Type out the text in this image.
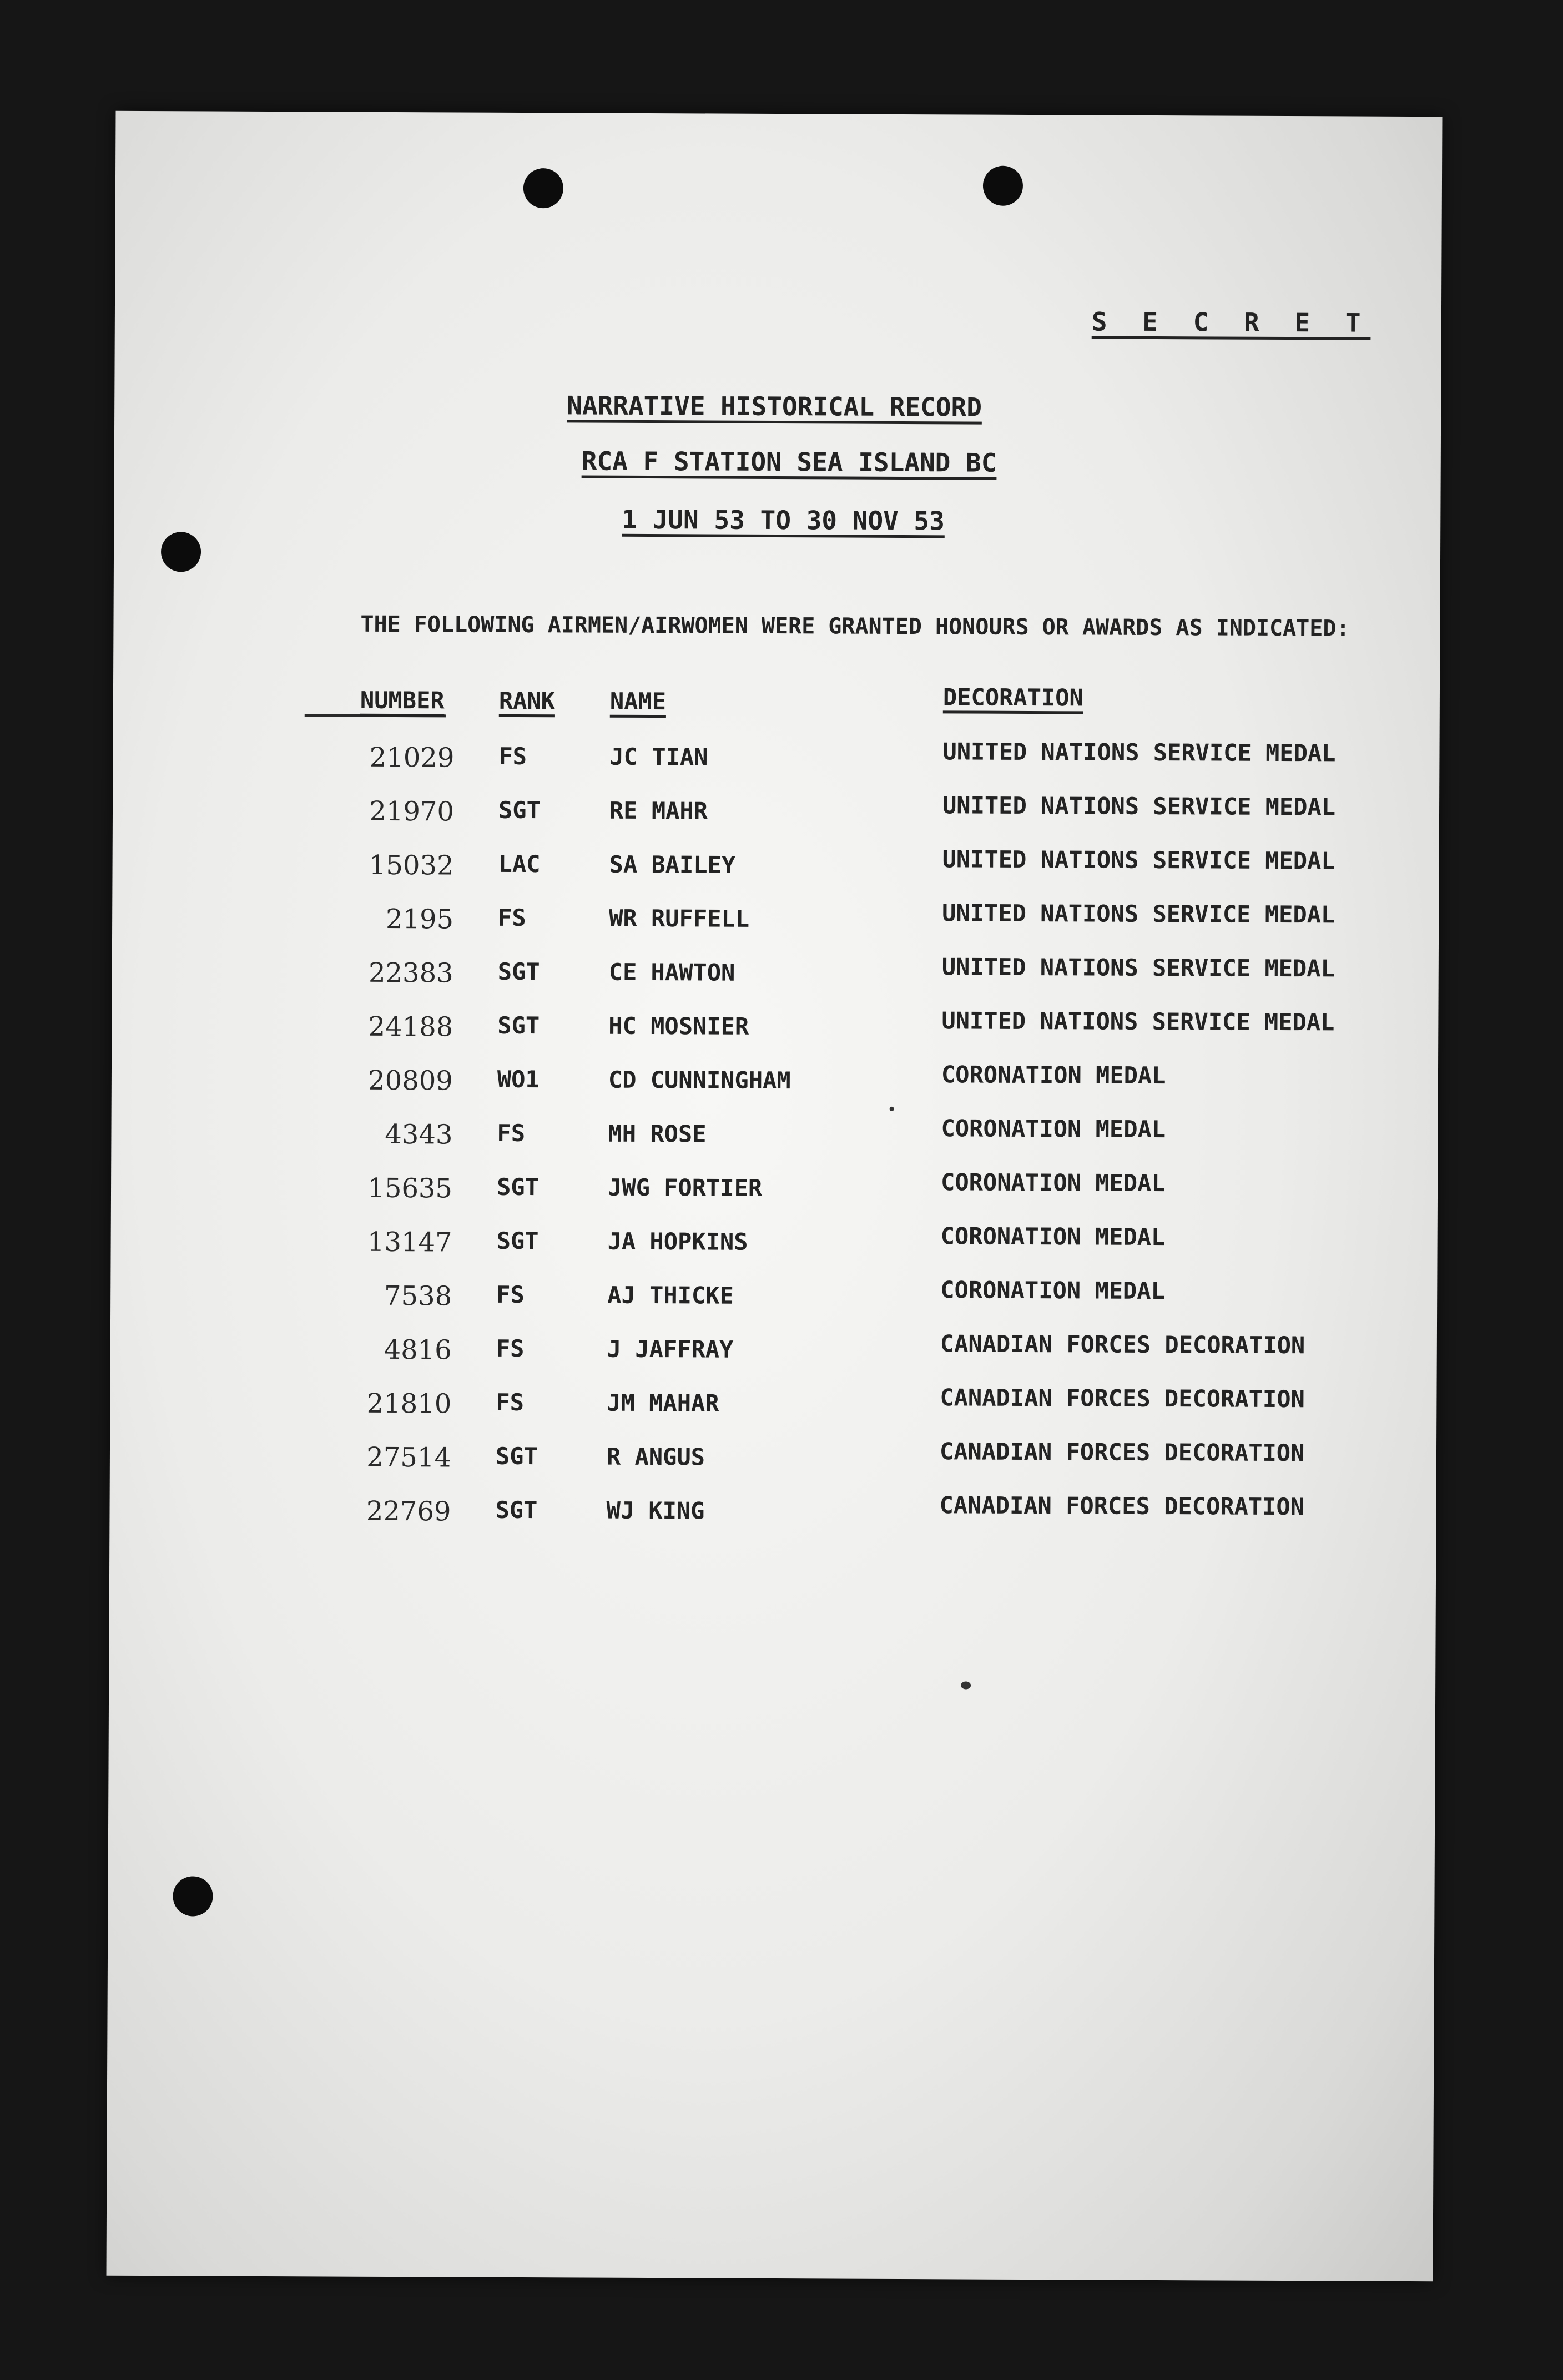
S E C R E T
NARRATIVE HISTORICAL RECORD
RCA F STATION SEA ISLAND BC
1 JUN 53 TO 30 NOV 53
THE FOLLOWING AIRMEN/AIRWOMEN WERE GRANTED HONOURS OR AWARDS AS INDICATED:
NUMBER RANK NAME	DECORATION
21029 FS	JC TIAN	UNITED NATIONS SERVICE MEDAL
21970 SGT	RE MAHR	UNITED NATIONS SERVICE MEDAL
15032 LAC	SA BAILEY	UNITED NATIONS SERVICE MEDAL
2195 FS	WR RUFFELL	UNITED NATIONS SERVICE MEDAL
22383 SGT	CE HAWTON	UNITED NATIONS SERVICE MEDAL
24188 SGT	HC MOSNIER	UNITED NATIONS SERVICE MEDAL
20809 WO1	CD CUNNINGHAM	CORONATION MEDAL
4343 FS	MH ROSE	CORONATION MEDAL
15635 SGT	JWG FORTIER	CORONATION MEDAL
13147 SGT	JA HOPKINS	CORONATION MEDAL
7538 FS	AJ THICKE	CORONATION MEDAL
4816 FS	J JAFFRAY	CANADIAN FORCES DECORATION
21810 FS	JM MAHAR	CANADIAN FORCES DECORATION
27514 SGT	R ANGUS	CANADIAN FORCES DECORATION
22769 SGT	WJ KING	CANADIAN FORCES DECORATION
